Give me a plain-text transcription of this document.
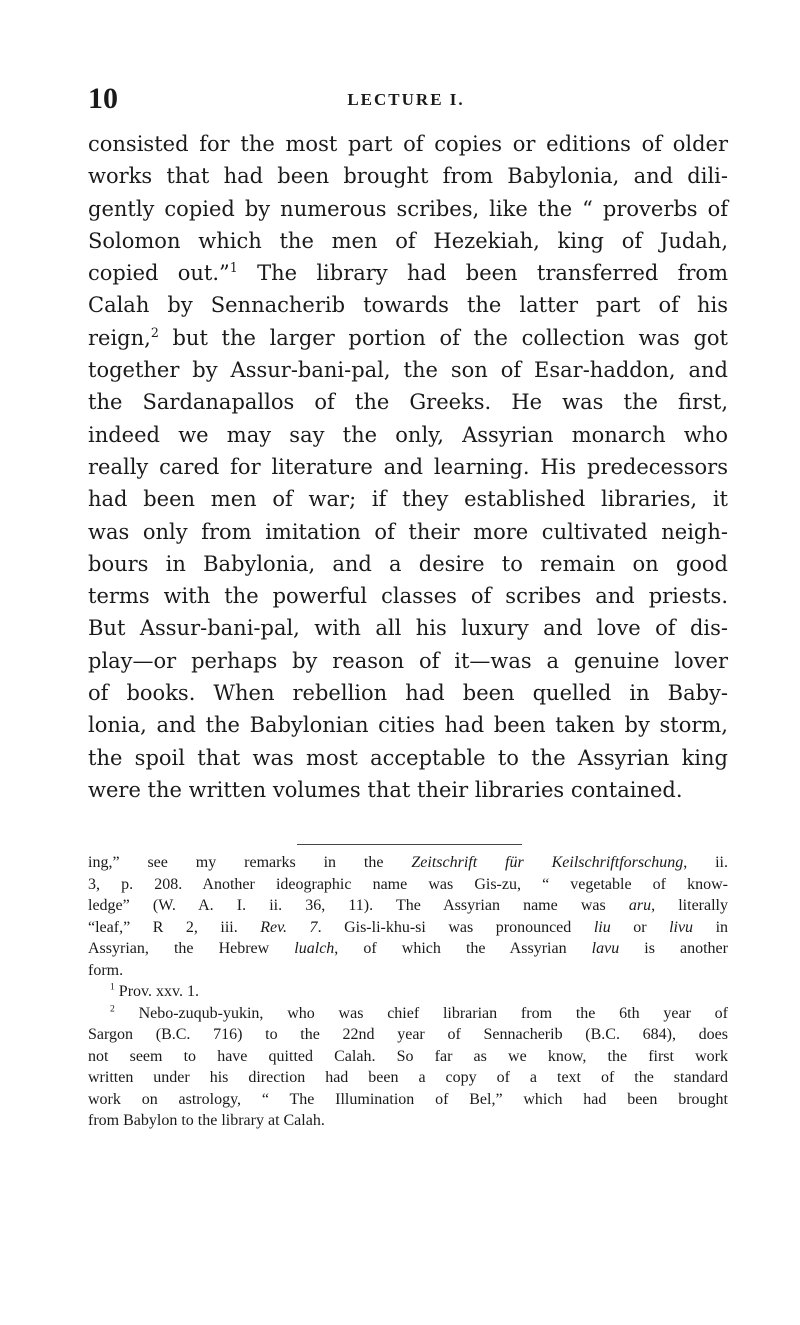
10	LECTURE I.
consisted for the most part of copies or editions of older
works that had been brought from Babylonia, and dili-
gently copied by numerous scribes, like the “ proverbs of
Solomon which the men of Hezekiah, king of Judah,
copied out.”$^1$ The library had been transferred from
Calah by Sennacherib towards the latter part of his
reign,$^2$ but the larger portion of the collection was got
together by Assur-bani-pal, the son of Esar-haddon, and
the Sardanapallos of the Greeks. He was the first,
indeed we may say the only, Assyrian monarch who
really cared for literature and learning. His predecessors
had been men of war; if they established libraries, it
was only from imitation of their more cultivated neigh-
bours in Babylonia, and a desire to remain on good
terms with the powerful classes of scribes and priests.
But Assur-bani-pal, with all his luxury and love of dis-
play—or perhaps by reason of it—was a genuine lover
of books. When rebellion had been quelled in Baby-
lonia, and the Babylonian cities had been taken by storm,
the spoil that was most acceptable to the Assyrian king
were the written volumes that their libraries contained.
ing,” see my remarks in the Zeitschrift für Keilschriftforschung, ii.
3, p. 208. Another ideographic name was Gis-zu, “ vegetable of know-
ledge” (W. A. I. ii. 36, 11). The Assyrian name was aru, literally
“leaf,” R 2, iii. Rev. 7. Gis-li-khu-si was pronounced liu or livu in
Assyrian, the Hebrew lualch, of which the Assyrian lavu is another
form.
$^1$ Prov. xxv. 1.
$^2$ Nebo-zuqub-yukin, who was chief librarian from the 6th year of
Sargon (B.C. 716) to the 22nd year of Sennacherib (B.C. 684), does
not seem to have quitted Calah. So far as we know, the first work
written under his direction had been a copy of a text of the standard
work on astrology, “ The Illumination of Bel,” which had been brought
from Babylon to the library at Calah.
